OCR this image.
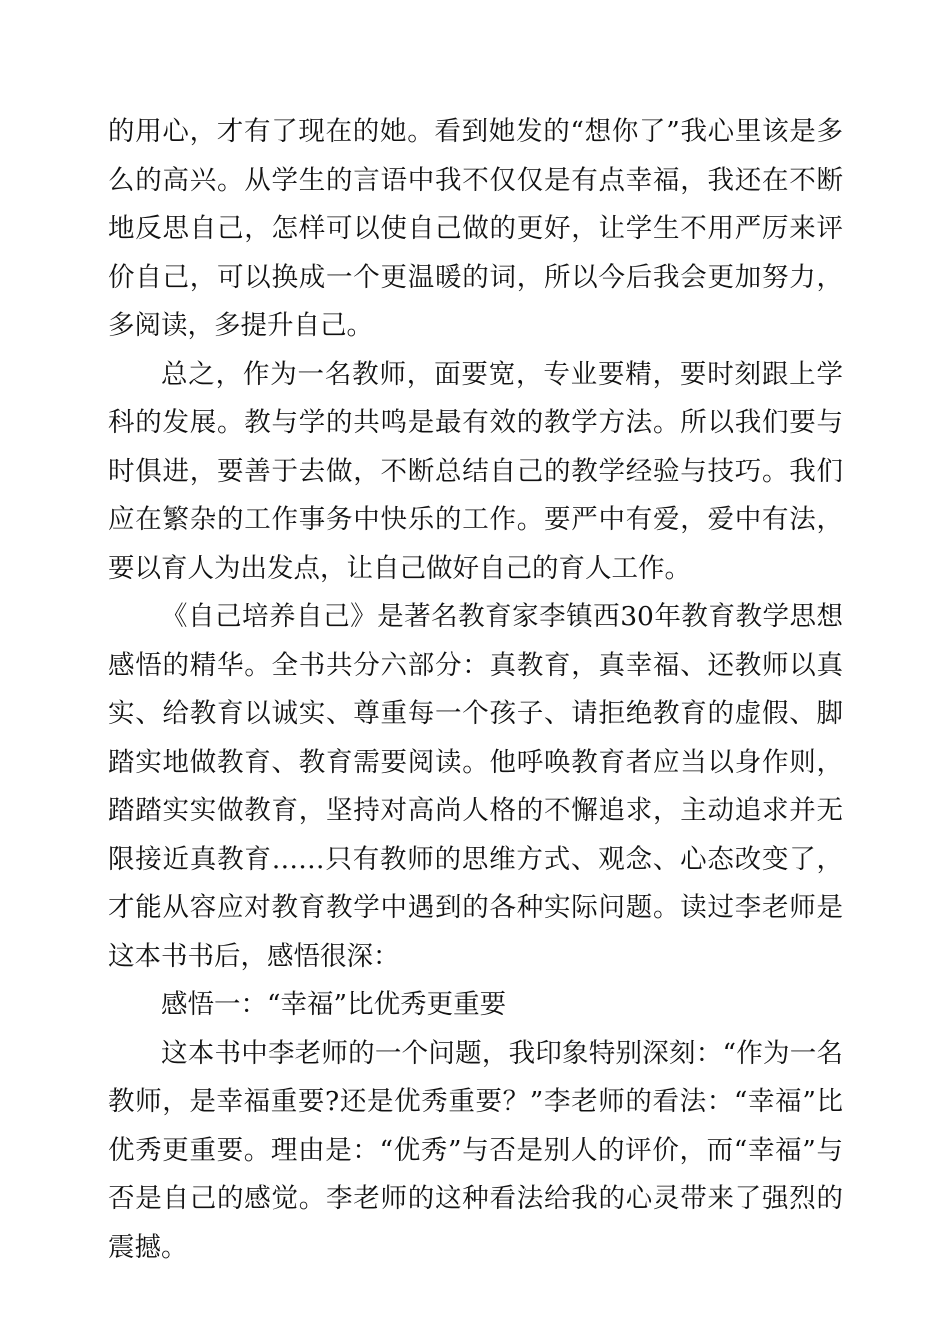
的用心，才有了现在的她。看到她发的“想你了”我心里该是多么的高兴。从学生的言语中我不仅仅是有点幸福，我还在不断地反思自己，怎样可以使自己做的更好，让学生不用严厉来评价自己，可以换成一个更温暖的词，所以今后我会更加努力，多阅读，多提升自己。

总之，作为一名教师，面要宽，专业要精，要时刻跟上学科的发展。教与学的共鸣是最有效的教学方法。所以我们要与时俱进，要善于去做，不断总结自己的教学经验与技巧。我们应在繁杂的工作事务中快乐的工作。要严中有爱，爱中有法，要以育人为出发点，让自己做好自己的育人工作。

《自己培养自己》是著名教育家李镇西30年教育教学思想感悟的精华。全书共分六部分：真教育，真幸福、还教师以真实、给教育以诚实、尊重每一个孩子、请拒绝教育的虚假、脚踏实地做教育、教育需要阅读。他呼唤教育者应当以身作则，踏踏实实做教育，坚持对高尚人格的不懈追求，主动追求并无限接近真教育……只有教师的思维方式、观念、心态改变了，才能从容应对教育教学中遇到的各种实际问题。读过李老师是这本书书后，感悟很深：

感悟一：“幸福”比优秀更重要

这本书中李老师的一个问题，我印象特别深刻：“作为一名教师，是幸福重要?还是优秀重要？”李老师的看法：“幸福”比优秀更重要。理由是：“优秀”与否是别人的评价，而“幸福”与否是自己的感觉。李老师的这种看法给我的心灵带来了强烈的震撼。
